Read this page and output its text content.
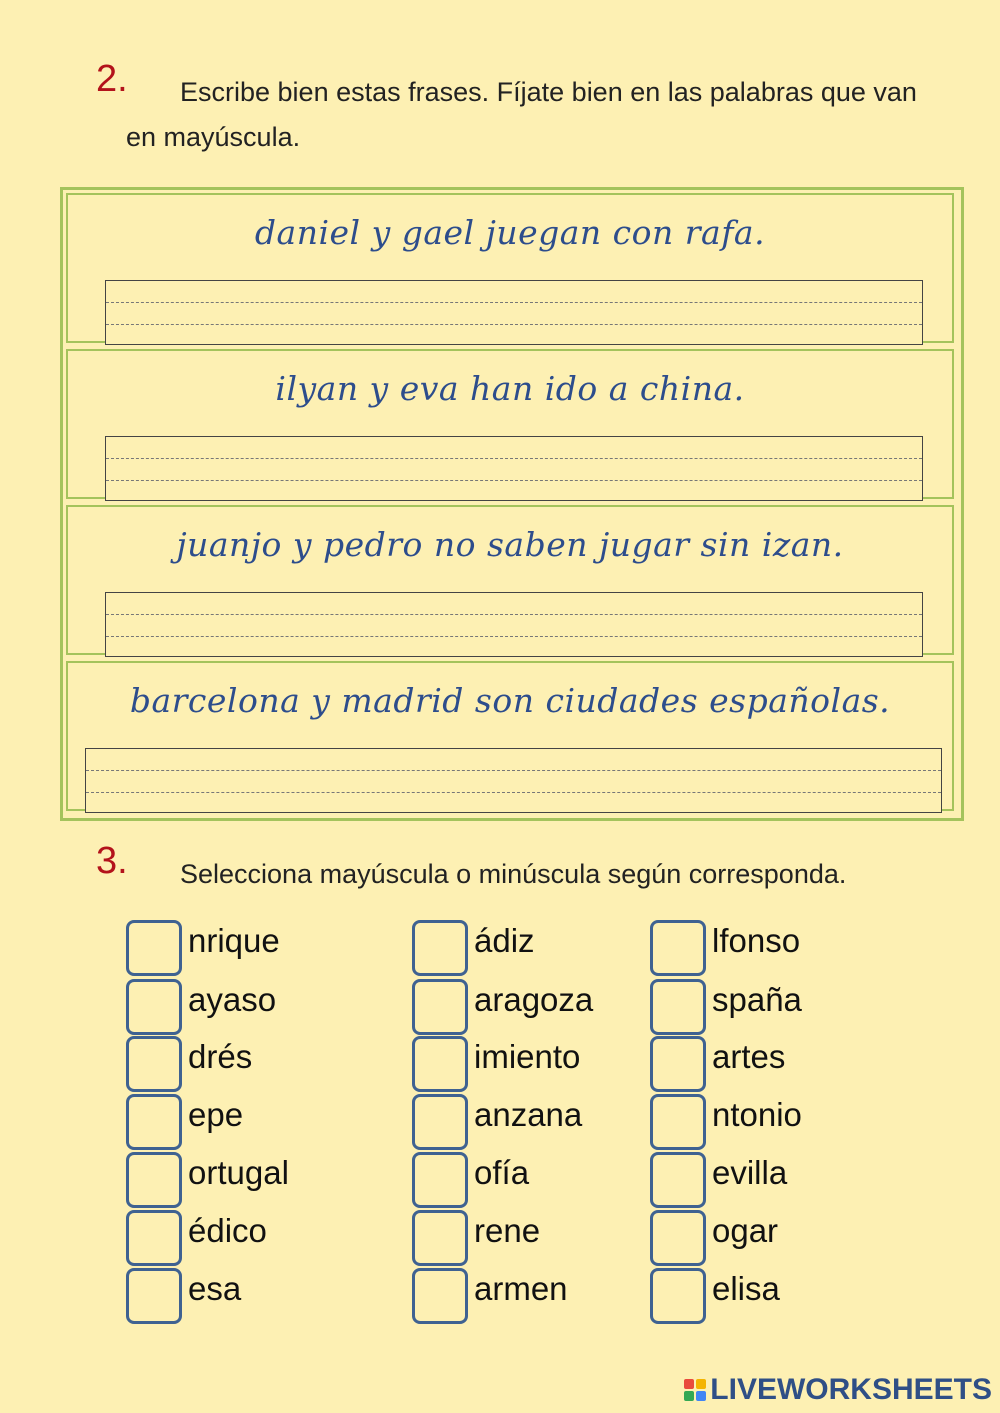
2.	Escribe bien estas frases. Fíjate bien en las palabras que van en mayúscula.
daniel y gael juegan con rafa.
ilyan y eva han ido a china.
juanjo y pedro no saben jugar sin izan.
barcelona y madrid son ciudades españolas.
3.	Selecciona mayúscula o minúscula según corresponda.
nrique
ayaso
drés
epe
ortugal
édico
esa
ádiz
aragoza
imiento
anzana
ofía
rene
armen
lfonso
spaña
artes
ntonio
evilla
ogar
elisa
LIVEWORKSHEETS
